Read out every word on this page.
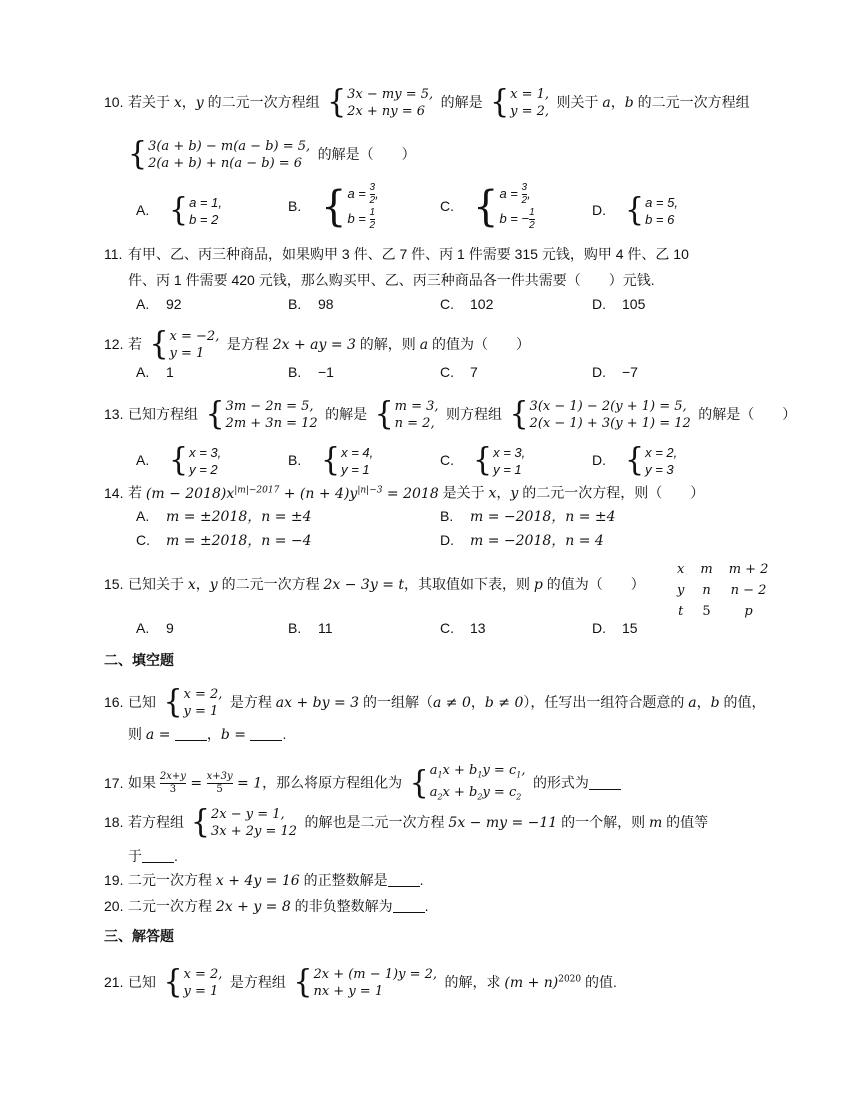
10. 若关于 x，y 的二元一次方程组 { 3x − my = 5,
2x + ny = 6
的解是 { x = 1,
y = 2,
则关于 a，b 的二元一次方程组
{ 3(a + b) − m(a − b) = 5,
2(a + b) + n(a − b) = 6
的解是（　　）
A. { a = 1,
b = 2
B. { $a = \frac{3}{2}$ ,
$b = \frac{1}{2}$
C. { $a = \frac{3}{2}$ ,
b = − $\frac{1}{2}$	D. { a = 5,
b = 6
11. 有甲、乙、丙三种商品，如果购甲 3 件、乙 7 件、丙 1 件需要 315 元钱，购甲 4 件、乙 10
件、丙 1 件需要 420 元钱，那么购买甲、乙、丙三种商品各一件共需要（　　）元钱.
A. 92	B. 98	C. 102	D. 105
12. 若 { x = −2,
y = 1
是方程 2x + ay = 3 的解，则 a 的值为（　　）
A. 1	B. −1	C. 7	D. −7
13. 已知方程组 { 3m − 2n = 5,
2m + 3n = 12
的解是 { m = 3,
n = 2,
则方程组 { 3(x − 1) − 2(y + 1) = 5,
2(x − 1) + 3(y + 1) = 12
的解是（　　）
A. { x = 3,
y = 2
B. { x = 4,
y = 1
C. { x = 3,
y = 1
D. { x = 2,
y = 3
14. 若 $(m - 2018)x^{|m|-2017} + (n + 4)y^{|n|-3} = 2018$ 是关于 x，y 的二元一次方程，则（　　）
A. m = ±2018，n = ±4	B. m = −2018，n = ±4
C. m = ±2018，n = −4	D. m = −2018，n = 4
15. 已知关于 x，y 的二元一次方程 2x − 3y = t，其取值如下表，则 p 的值为（　　）
x	m	m + 2
y	n	n − 2
t	5	p
A. 9	B. 11	C. 13	D. 15
二、填空题
16. 已知 { x = 2,
y = 1
是方程 ax + by = 3 的一组解（a ≠ 0，b ≠ 0），任写出一组符合题意的 a，b 的值，
则 a = ，b = .
17. 如果 $\frac{2x+y}{3} = \frac{x+3y}{5} = 1$，那么将原方程组化为 { $a_1x + b_1y = c_1$,
$a_2x + b_2y = c_2$
的形式为
18. 若方程组 { 2x − y = 1,
3x + 2y = 12
的解也是二元一次方程 5x − my = −11 的一个解，则 m 的值等
于 .
19. 二元一次方程 x + 4y = 16 的正整数解是 .
20. 二元一次方程 2x + y = 8 的非负整数解为 .
三、解答题
21. 已知 { x = 2,
y = 1
是方程组 { 2x + (m − 1)y = 2,
nx + y = 1
的解，求 $(m + n)^{2020}$ 的值.
